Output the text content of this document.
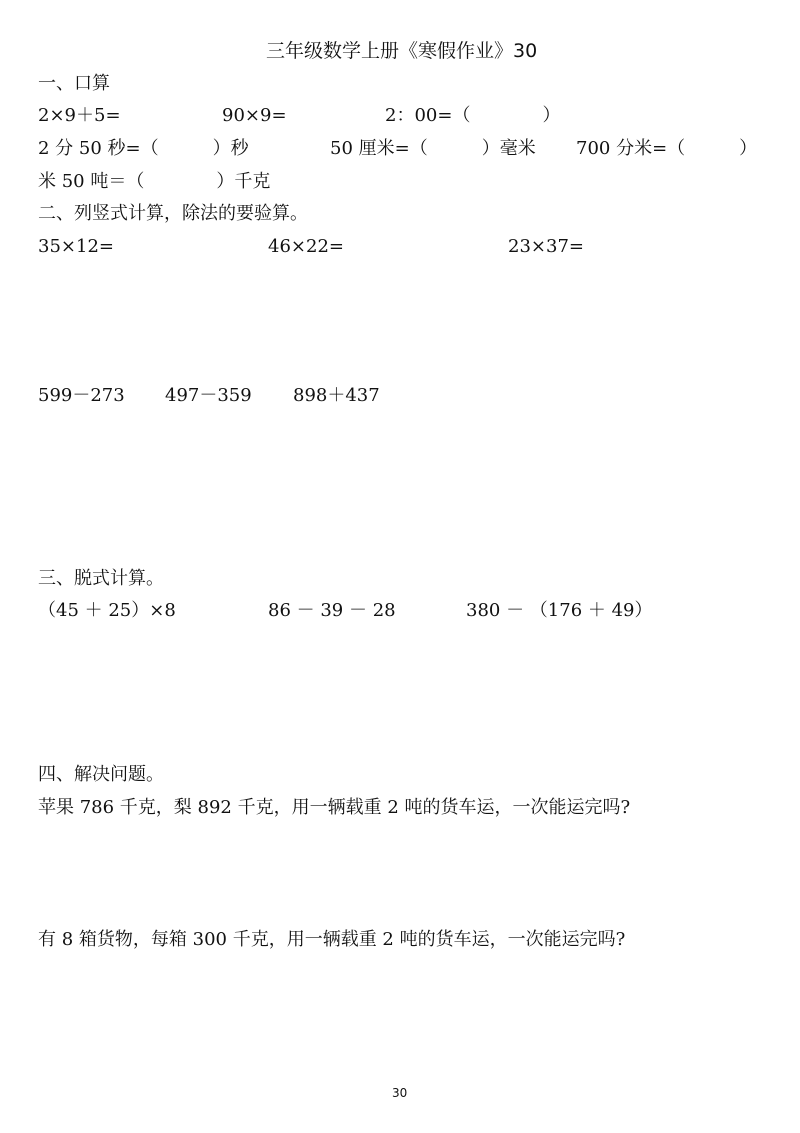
三年级数学上册《寒假作业》30
一、口算
2×9＋5=	90×9=	2：00=（　　　　）
2 分 50 秒=（　　　）秒	50 厘米=（　　　）毫米 700 分米=（　　　）
米 50 吨＝（　　　　）千克
二、列竖式计算，除法的要验算。
35×12=	46×22=	23×37=
599－273 497－359 898＋437
三、脱式计算。
（45 ＋ 25）×8	86 － 39 － 28	380 － （176 ＋ 49）
四、解决问题。
苹果 786 千克，梨 892 千克，用一辆载重 2 吨的货车运，一次能运完吗?
有 8 箱货物，每箱 300 千克，用一辆载重 2 吨的货车运，一次能运完吗?
30
